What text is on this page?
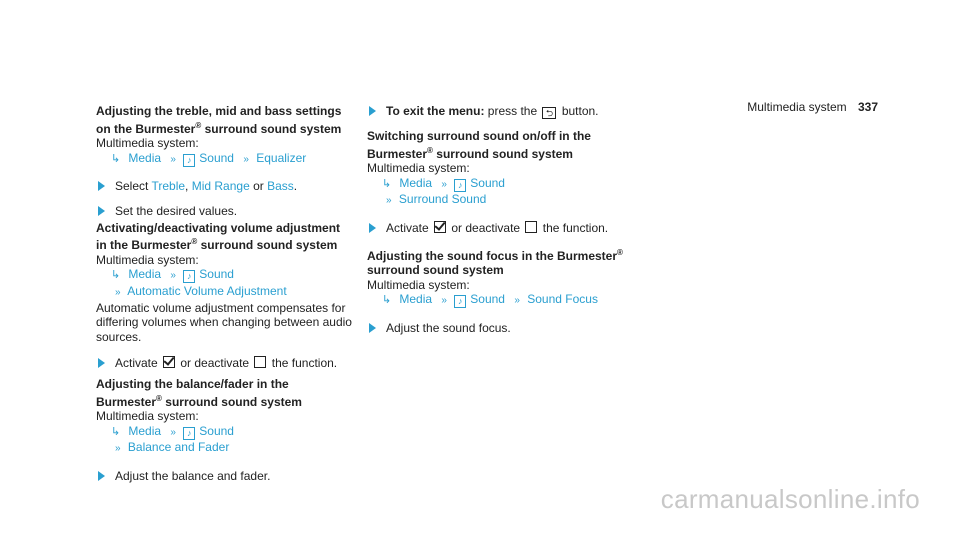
Multimedia system 337

Adjusting the treble, mid and bass settings
on the Burmester® surround sound system

Multimedia system:

↳ Media » ♪ Sound » Equalizer

Select Treble, Mid Range or Bass.

Set the desired values.

Activating/deactivating volume adjustment
in the Burmester® surround sound system

Multimedia system:

↳ Media » ♪ Sound

» Automatic Volume Adjustment

Automatic volume adjustment compensates for differing volumes when changing between audio sources.

Activate  or deactivate  the function.

Adjusting the balance/fader in the
Burmester® surround sound system

Multimedia system:

↳ Media » ♪ Sound

» Balance and Fader

Adjust the balance and fader.

To exit the menu: press the ⮌ button.

Switching surround sound on/off in the
Burmester® surround sound system

Multimedia system:

↳ Media » ♪ Sound

» Surround Sound

Activate  or deactivate  the function.

Adjusting the sound focus in the Burmester®
surround sound system

Multimedia system:

↳ Media » ♪ Sound » Sound Focus

Adjust the sound focus.

carmanualsonline.info
